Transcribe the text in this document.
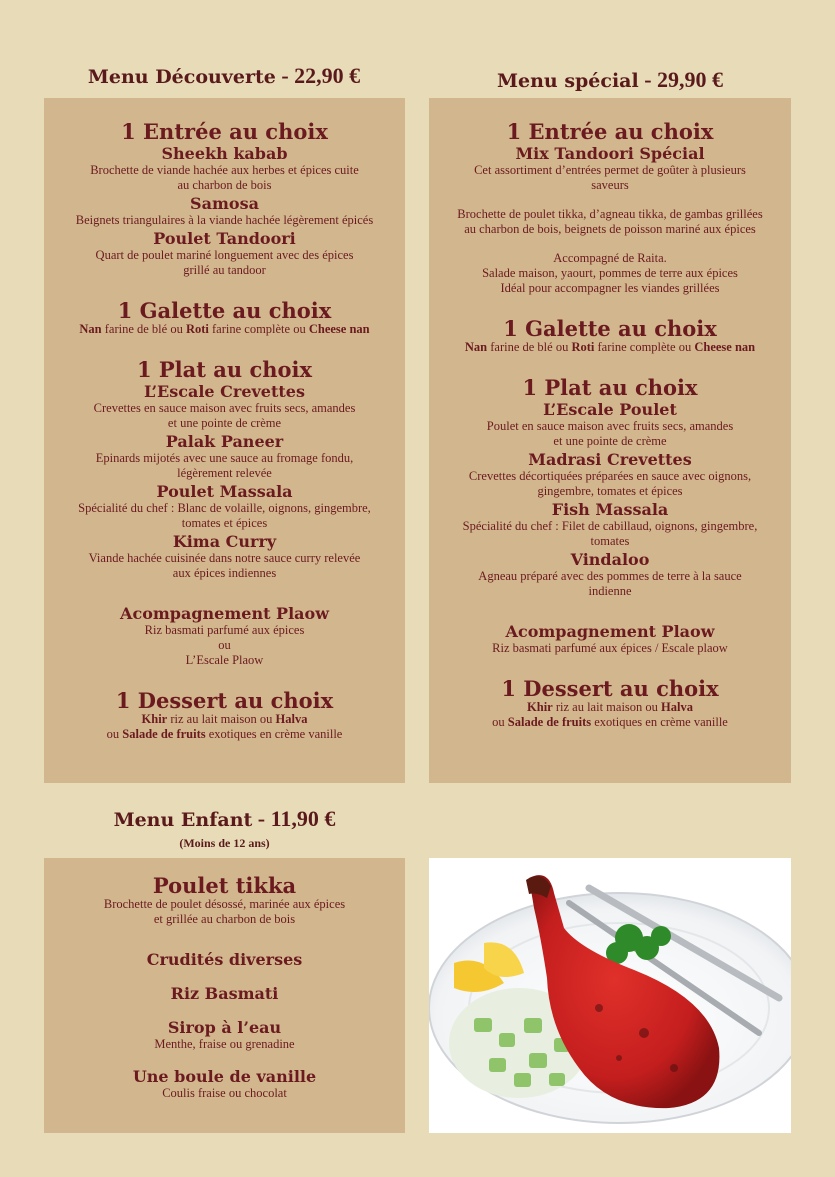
Menu Découverte - 22,90 €
1 Entrée au choix
Sheekh kabab
Brochette de viande hachée aux herbes et épices cuite
au charbon de bois
Samosa
Beignets triangulaires à la viande hachée légèrement épicés
Poulet Tandoori
Quart de poulet mariné longuement avec des épices
grillé au tandoor
1 Galette au choix
Nan farine de blé ou Roti farine complète ou Cheese nan
1 Plat au choix
L’Escale Crevettes
Crevettes en sauce maison avec fruits secs, amandes
et une pointe de crème
Palak Paneer
Epinards mijotés avec une sauce au fromage fondu,
légèrement relevée
Poulet Massala
Spécialité du chef : Blanc de volaille, oignons, gingembre,
tomates et épices
Kima Curry
Viande hachée cuisinée dans notre sauce curry relevée
aux épices indiennes
Acompagnement Plaow
Riz basmati parfumé aux épices
ou
L’Escale Plaow
1 Dessert au choix
Khir riz au lait maison ou Halva
ou Salade de fruits exotiques en crème vanille
Menu spécial - 29,90 €
1 Entrée au choix
Mix Tandoori Spécial
Cet assortiment d’entrées permet de goûter à plusieurs
saveurs
Brochette de poulet tikka, d’agneau tikka, de gambas grillées
au charbon de bois, beignets de poisson mariné aux épices
Accompagné de Raita.
Salade maison, yaourt, pommes de terre aux épices
Idéal pour accompagner les viandes grillées
1 Galette au choix
Nan farine de blé ou Roti farine complète ou Cheese nan
1 Plat au choix
L’Escale Poulet
Poulet en sauce maison avec fruits secs, amandes
et une pointe de crème
Madrasi Crevettes
Crevettes décortiquées préparées en sauce avec oignons,
gingembre, tomates et épices
Fish Massala
Spécialité du chef : Filet de cabillaud, oignons, gingembre,
tomates
Vindaloo
Agneau préparé avec des pommes de terre à la sauce
indienne
Acompagnement Plaow
Riz basmati parfumé aux épices / Escale plaow
1 Dessert au choix
Khir riz au lait maison ou Halva
ou Salade de fruits exotiques en crème vanille
Menu Enfant - 11,90 €
(Moins de 12 ans)
Poulet tikka
Brochette de poulet désossé, marinée aux épices
et grillée au charbon de bois
Crudités diverses
Riz Basmati
Sirop à l’eau
Menthe, fraise ou grenadine
Une boule de vanille
Coulis fraise ou chocolat
